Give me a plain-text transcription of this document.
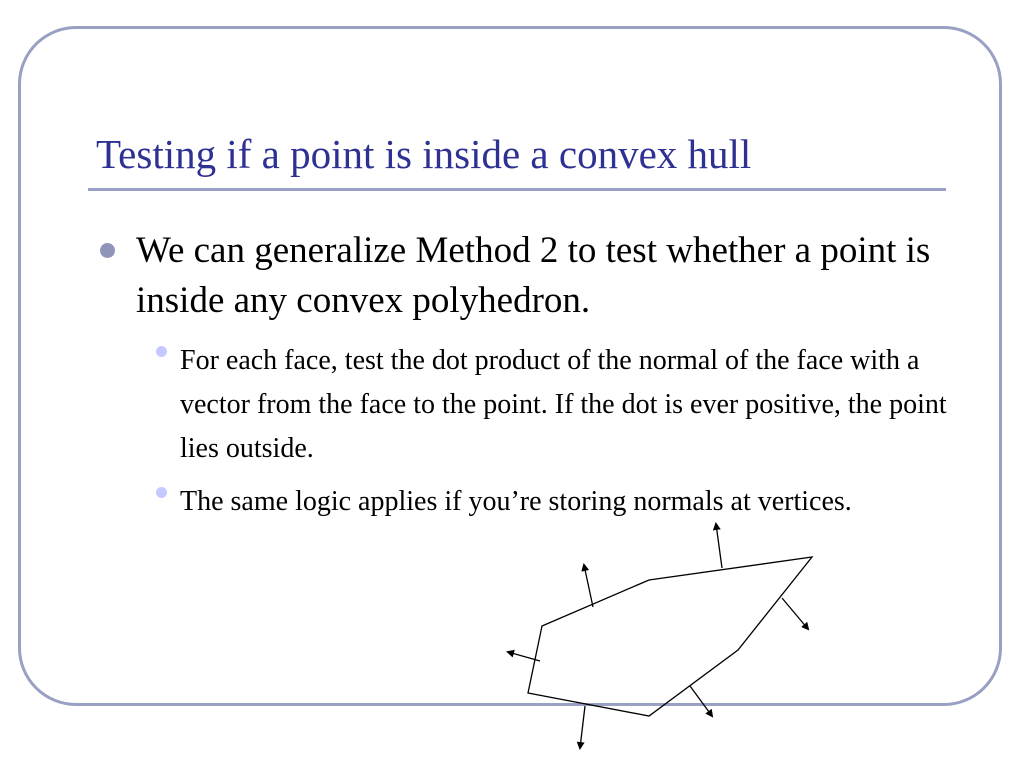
Testing if a point is inside a convex hull

We can generalize Method 2 to test whether a point is inside any convex polyhedron.

For each face, test the dot product of the normal of the face with a vector from the face to the point. If the dot is ever positive, the point lies outside.

The same logic applies if you’re storing normals at vertices.
